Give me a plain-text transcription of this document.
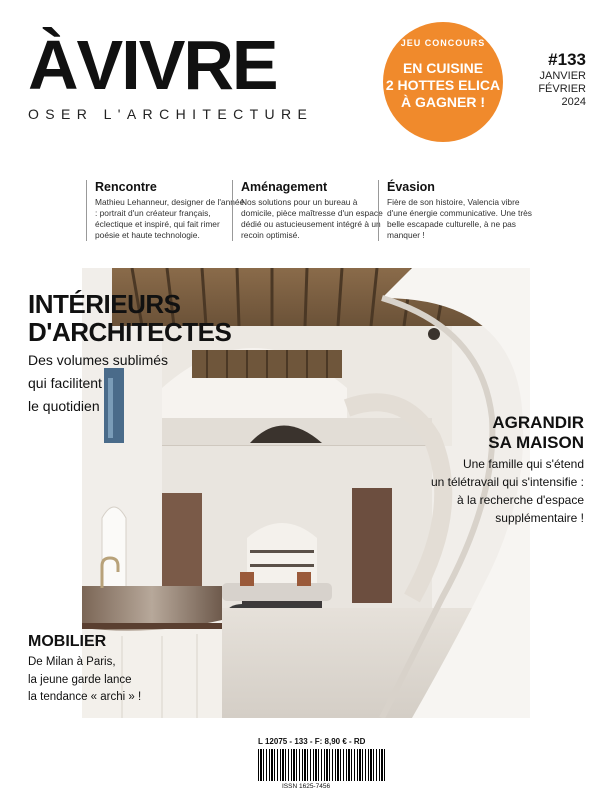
ÀVIVRE
OSER L'ARCHITECTURE
JEU CONCOURS
EN CUISINE
2 HOTTES ELICA
À GAGNER !
#133
JANVIER
FÉVRIER
2024
Rencontre

Mathieu Lehanneur, designer de l'année : portrait d'un créateur français, éclectique et inspiré, qui fait rimer poésie et haute technologie.

Aménagement

Nos solutions pour un bureau à domicile, pièce maîtresse d'un espace dédié ou astucieusement intégré à un recoin optimisé.

Évasion

Fière de son histoire, Valencia vibre d'une énergie communicative. Une très belle escapade culturelle, à ne pas manquer !

INTÉRIEURS
D'ARCHITECTES
Des volumes sublimés
qui facilitent
le quotidien
AGRANDIR
SA MAISON
Une famille qui s'étend
un télétravail qui s'intensifie :
à la recherche d'espace
supplémentaire !
MOBILIER
De Milan à Paris,
la jeune garde lance
la tendance « archi » !
L 12075 - 133 - F: 8,90 € - RD
ISSN 1625-7456
